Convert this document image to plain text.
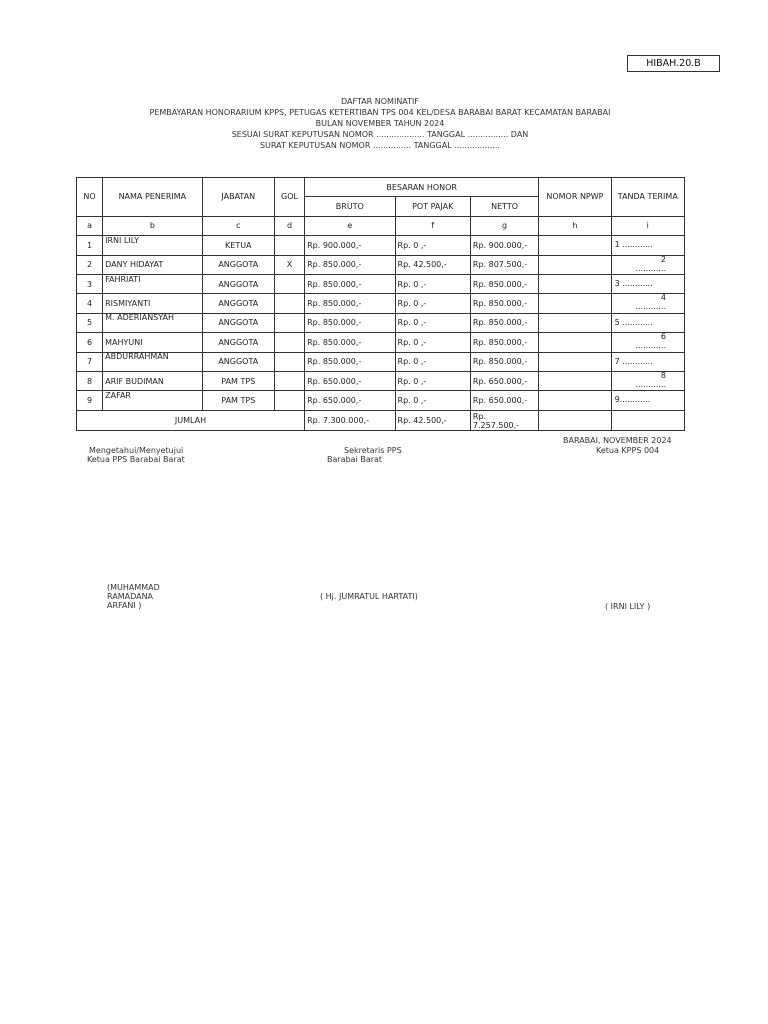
HIBAH.20.B
DAFTAR NOMINATIF
PEMBAYARAN HONORARIUM KPPS, PETUGAS KETERTIBAN TPS 004 KEL/DESA BARABAI BARAT KECAMATAN BARABAI
BULAN NOVEMBER TAHUN 2024
SESUAI SURAT KEPUTUSAN NOMOR ................... TANGGAL ................ DAN
SURAT KEPUTUSAN NOMOR ............... TANGGAL ..................
NO	NAMA PENERIMA	JABATAN	GOL	BESARAN HONOR			NOMOR NPWP	TANDA TERIMA
				BRUTO	POT PAJAK	NETTO		
a	b	c	d	e	f	g	h	i
1	IRNI LILY	KETUA		Rp. 900.000,-	Rp. 0 ,-	Rp. 900.000,-		1 ............

2	DANY HIDAYAT	ANGGOTA	X	Rp. 850.000,-	Rp. 42.500,-	Rp. 807.500,-		2
............

3	FAHRIATI	ANGGOTA		Rp. 850.000,-	Rp. 0 ,-	Rp. 850.000,-		3 ............

4	RISMIYANTI	ANGGOTA		Rp. 850.000,-	Rp. 0 ,-	Rp. 850.000,-		4
............

5	M. ADERIANSYAH	ANGGOTA		Rp. 850.000,-	Rp. 0 ,-	Rp. 850.000,-		5 ............

6	MAHYUNI	ANGGOTA		Rp. 850.000,-	Rp. 0 ,-	Rp. 850.000,-		6
............

7	ABDURRAHMAN	ANGGOTA		Rp. 850.000,-	Rp. 0 ,-	Rp. 850.000,-		7 ............

8	ARIF BUDIMAN	PAM TPS		Rp. 650.000,-	Rp. 0 ,-	Rp. 650.000,-		8
............

9	ZAFAR	PAM TPS		Rp. 650.000,-	Rp. 0 ,-	Rp. 650.000,-		9............

JUMLAH				Rp. 7.300.000,-	Rp. 42.500,-	Rp.
7.257.500,-		
BARABAI, NOVEMBER 2024
Mengetahui/Menyetujui
Ketua PPS Barabai Barat
Sekretaris PPS
Barabai Barat
Ketua KPPS 004
(MUHAMMAD
RAMADANA
ARFANI )
( Hj. JUMRATUL HARTATI)
( IRNI LILY )
